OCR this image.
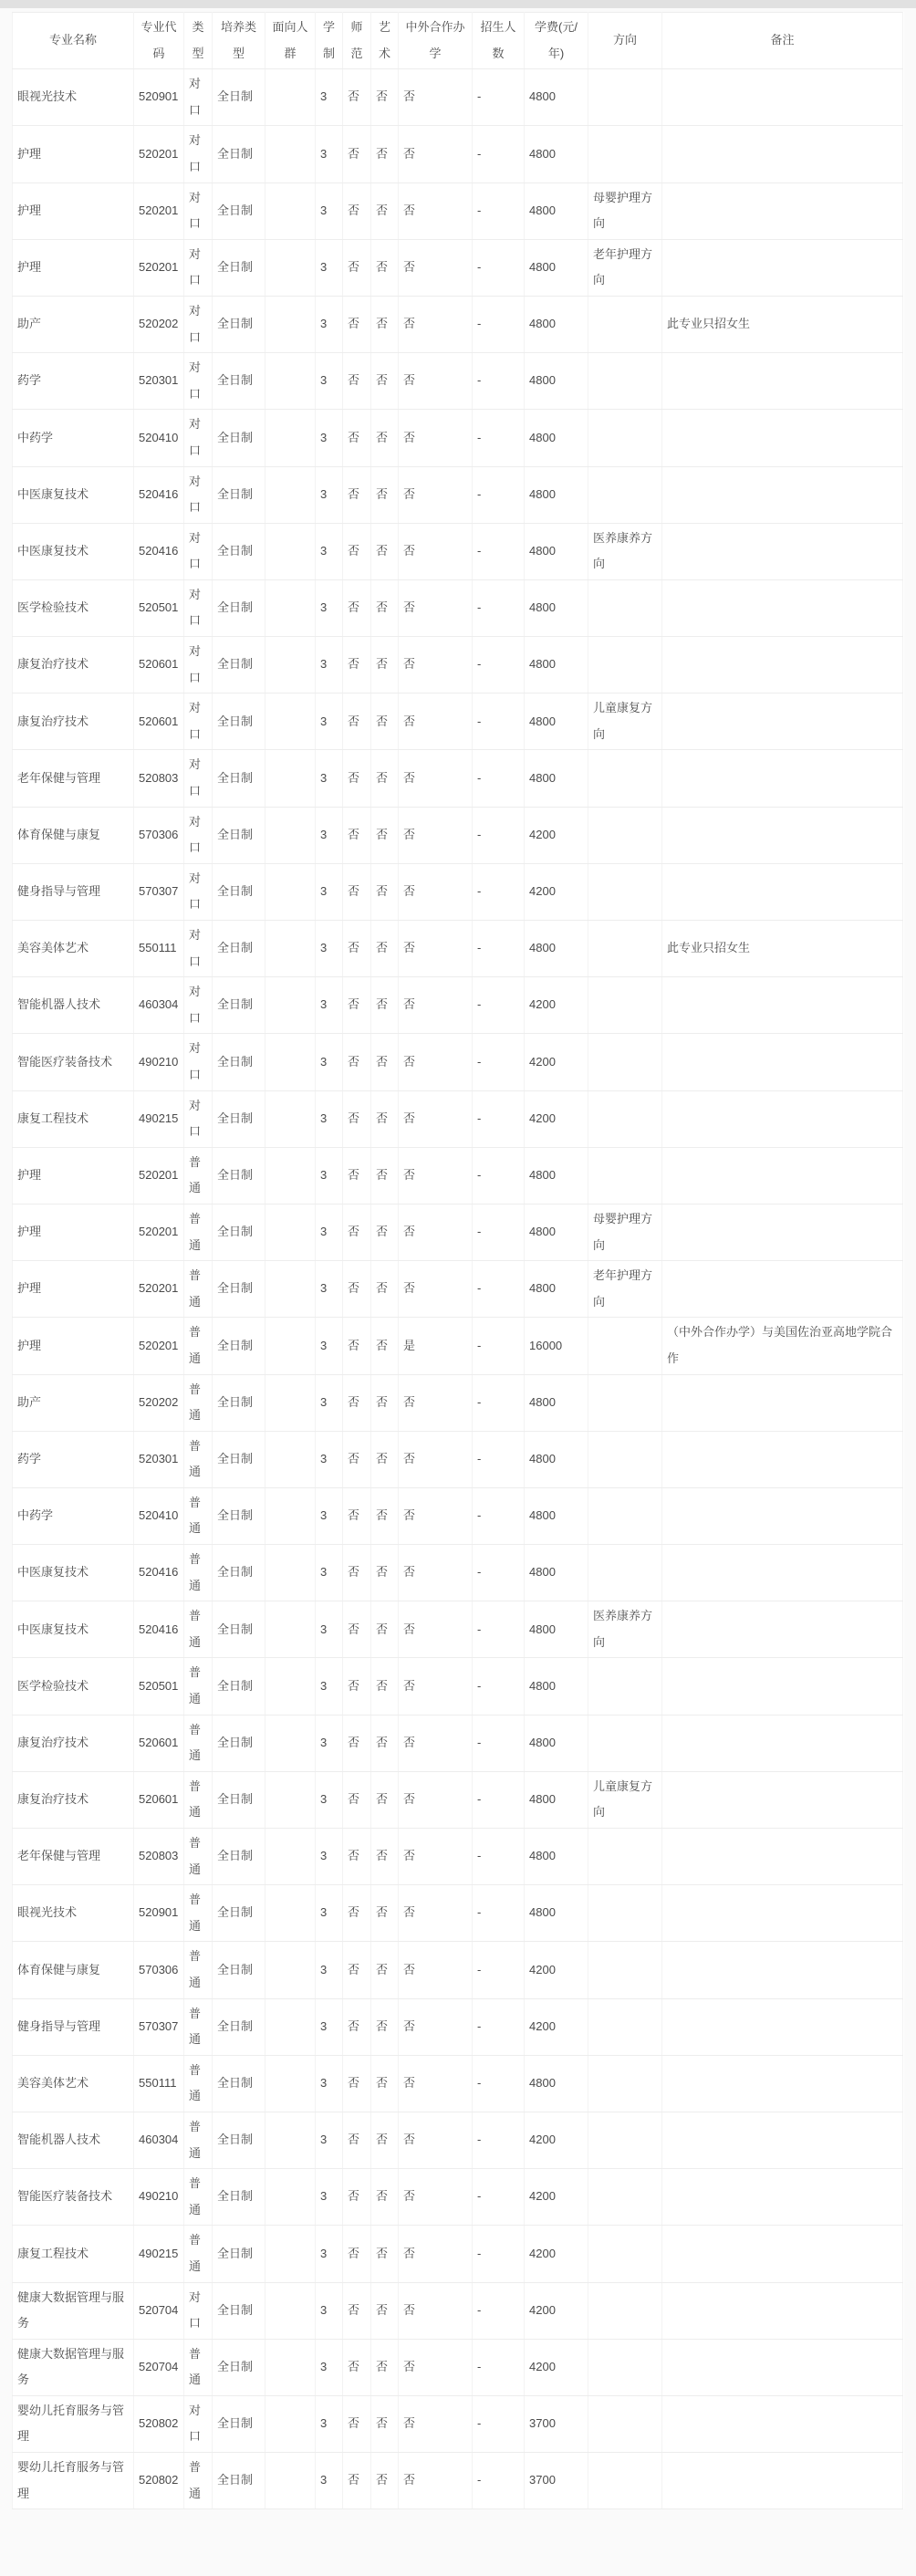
专业名称	专业代码	类型	培养类型	面向人群	学制	师范	艺术	中外合作办学	招生人数	学费(元/年)	方向	备注
眼视光技术	520901	对口	全日制		3	否	否	否	-	4800		
护理	520201	对口	全日制		3	否	否	否	-	4800		
护理	520201	对口	全日制		3	否	否	否	-	4800	母婴护理方向	
护理	520201	对口	全日制		3	否	否	否	-	4800	老年护理方向	
助产	520202	对口	全日制		3	否	否	否	-	4800		此专业只招女生
药学	520301	对口	全日制		3	否	否	否	-	4800		
中药学	520410	对口	全日制		3	否	否	否	-	4800		
中医康复技术	520416	对口	全日制		3	否	否	否	-	4800		
中医康复技术	520416	对口	全日制		3	否	否	否	-	4800	医养康养方向	
医学检验技术	520501	对口	全日制		3	否	否	否	-	4800		
康复治疗技术	520601	对口	全日制		3	否	否	否	-	4800		
康复治疗技术	520601	对口	全日制		3	否	否	否	-	4800	儿童康复方向	
老年保健与管理	520803	对口	全日制		3	否	否	否	-	4800		
体育保健与康复	570306	对口	全日制		3	否	否	否	-	4200		
健身指导与管理	570307	对口	全日制		3	否	否	否	-	4200		
美容美体艺术	550111	对口	全日制		3	否	否	否	-	4800		此专业只招女生
智能机器人技术	460304	对口	全日制		3	否	否	否	-	4200		
智能医疗装备技术	490210	对口	全日制		3	否	否	否	-	4200		
康复工程技术	490215	对口	全日制		3	否	否	否	-	4200		
护理	520201	普通	全日制		3	否	否	否	-	4800		
护理	520201	普通	全日制		3	否	否	否	-	4800	母婴护理方向	
护理	520201	普通	全日制		3	否	否	否	-	4800	老年护理方向	
护理	520201	普通	全日制		3	否	否	是	-	16000		（中外合作办学）与美国佐治亚高地学院合作
助产	520202	普通	全日制		3	否	否	否	-	4800		
药学	520301	普通	全日制		3	否	否	否	-	4800		
中药学	520410	普通	全日制		3	否	否	否	-	4800		
中医康复技术	520416	普通	全日制		3	否	否	否	-	4800		
中医康复技术	520416	普通	全日制		3	否	否	否	-	4800	医养康养方向	
医学检验技术	520501	普通	全日制		3	否	否	否	-	4800		
康复治疗技术	520601	普通	全日制		3	否	否	否	-	4800		
康复治疗技术	520601	普通	全日制		3	否	否	否	-	4800	儿童康复方向	
老年保健与管理	520803	普通	全日制		3	否	否	否	-	4800		
眼视光技术	520901	普通	全日制		3	否	否	否	-	4800		
体育保健与康复	570306	普通	全日制		3	否	否	否	-	4200		
健身指导与管理	570307	普通	全日制		3	否	否	否	-	4200		
美容美体艺术	550111	普通	全日制		3	否	否	否	-	4800		
智能机器人技术	460304	普通	全日制		3	否	否	否	-	4200		
智能医疗装备技术	490210	普通	全日制		3	否	否	否	-	4200		
康复工程技术	490215	普通	全日制		3	否	否	否	-	4200		
健康大数据管理与服务	520704	对口	全日制		3	否	否	否	-	4200		
健康大数据管理与服务	520704	普通	全日制		3	否	否	否	-	4200		
婴幼儿托育服务与管理	520802	对口	全日制		3	否	否	否	-	3700		
婴幼儿托育服务与管理	520802	普通	全日制		3	否	否	否	-	3700		
